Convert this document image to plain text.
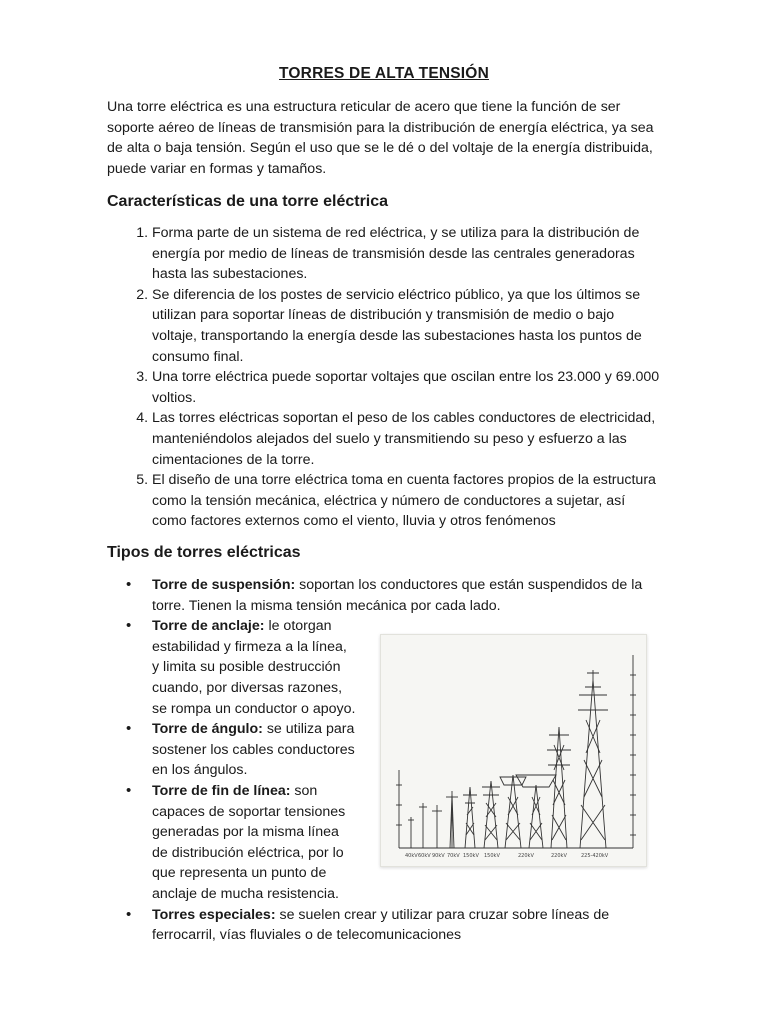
TORRES DE ALTA TENSIÓN

Una torre eléctrica es una estructura reticular de acero que tiene la función de ser soporte aéreo de líneas de transmisión para la distribución de energía eléctrica, ya sea de alta o baja tensión. Según el uso que se le dé o del voltaje de la energía distribuida, puede variar en formas y tamaños.

Características de una torre eléctrica
1. Forma parte de un sistema de red eléctrica, y se utiliza para la distribución de energía por medio de líneas de transmisión desde las centrales generadoras hasta las subestaciones.
2. Se diferencia de los postes de servicio eléctrico público, ya que los últimos se utilizan para soportar líneas de distribución y transmisión de medio o bajo voltaje, transportando la energía desde las subestaciones hasta los puntos de consumo final.
3. Una torre eléctrica puede soportar voltajes que oscilan entre los 23.000 y 69.000 voltios.
4. Las torres eléctricas soportan el peso de los cables conductores de electricidad, manteniéndolos alejados del suelo y transmitiendo su peso y esfuerzo a las cimentaciones de la torre.
5. El diseño de una torre eléctrica toma en cuenta factores propios de la estructura como la tensión mecánica, eléctrica y número de conductores a sujetar, así como factores externos como el viento, lluvia y otros fenómenos
Tipos de torres eléctricas
• Torre de suspensión: soportan los conductores que están suspendidos de la torre. Tienen la misma tensión mecánica por cada lado.
• Torre de anclaje: le otorgan estabilidad y firmeza a la línea, y limita su posible destrucción cuando, por diversas razones, se rompa un conductor o apoyo.
• Torre de ángulo: se utiliza para sostener los cables conductores en los ángulos.
• Torre de fin de línea: son capaces de soportar tensiones generadas por la misma línea de distribución eléctrica, por lo que representa un punto de anclaje de mucha resistencia.
• Torres especiales: se suelen crear y utilizar para cruzar sobre líneas de ferrocarril, vías fluviales o de telecomunicaciones
40kV 60kV 90kV 70kV 150kV 150kV	220kV	220kV	225-420kV
